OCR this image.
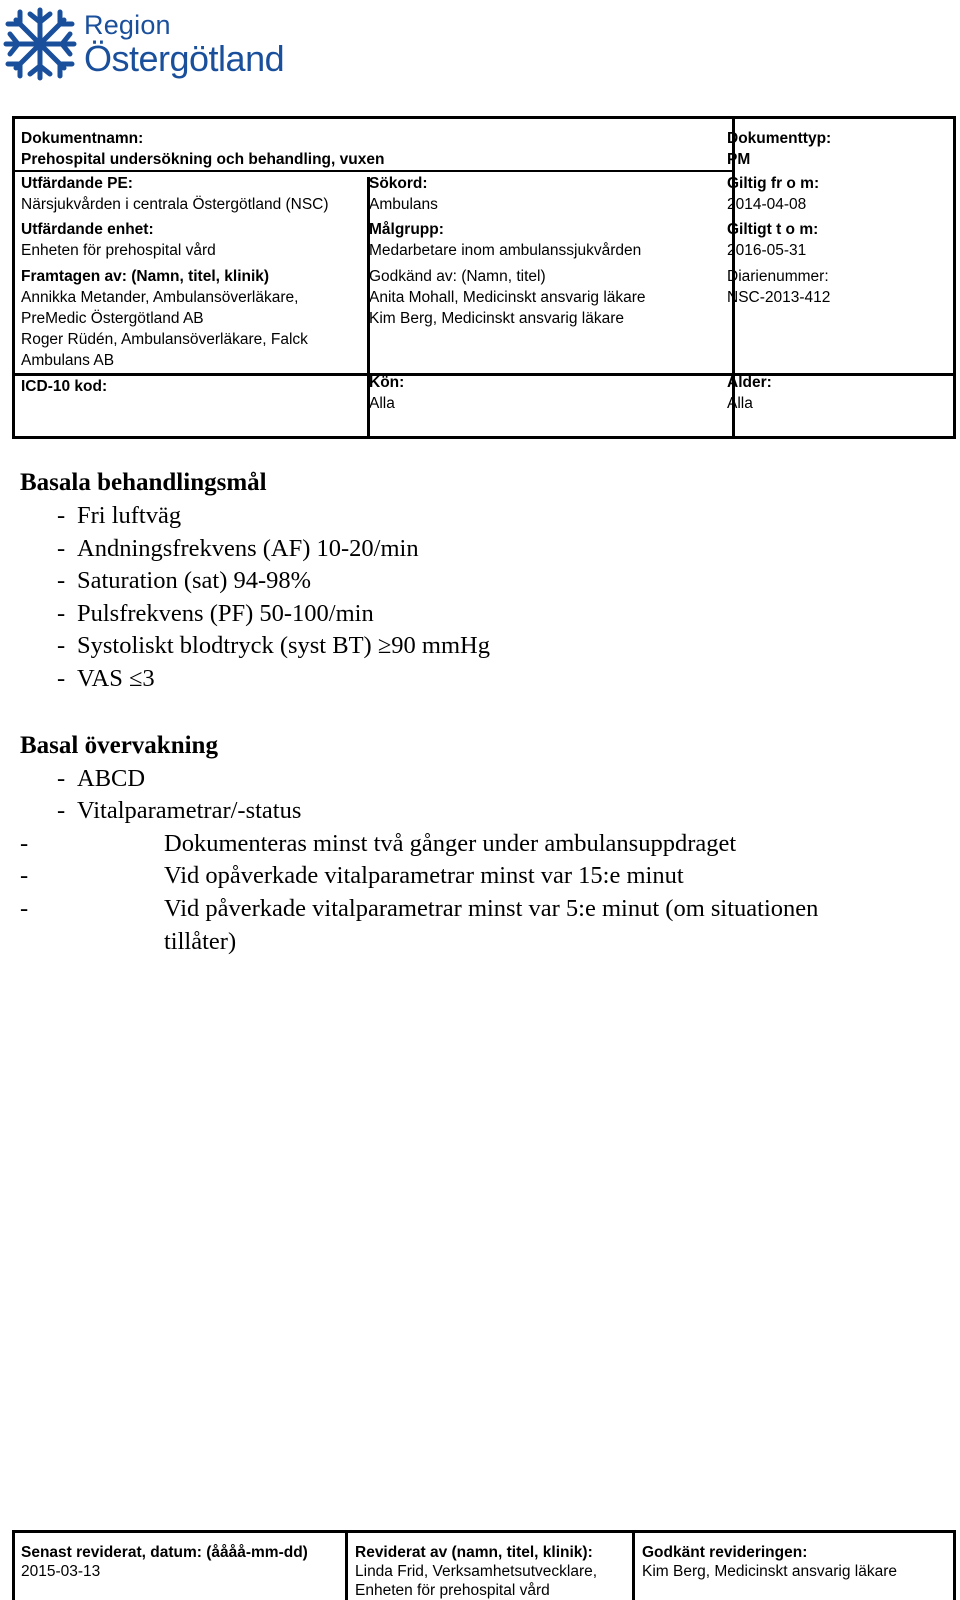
Region
Östergötland
Dokumentnamn:
Prehospital undersökning och behandling, vuxen
Dokumenttyp:
PM
Utfärdande PE:
Närsjukvården i centrala Östergötland (NSC)
Sökord:
Ambulans
Giltig fr o m:
2014-04-08
Utfärdande enhet:
Enheten för prehospital vård
Målgrupp:
Medarbetare inom ambulanssjukvården
Giltigt t o m:
2016-05-31
Framtagen av: (Namn, titel, klinik)
Annikka Metander, Ambulansöverläkare,
PreMedic Östergötland AB
Roger Rüdén, Ambulansöverläkare, Falck
Ambulans AB
Godkänd av: (Namn, titel)
Anita Mohall, Medicinskt ansvarig läkare
Kim Berg, Medicinskt ansvarig läkare
Diarienummer:
NSC-2013-412
ICD-10 kod:	Kön:
Alla
Ålder:
Alla
Basala behandlingsmål
- Fri luftväg
- Andningsfrekvens (AF) 10-20/min
- Saturation (sat) 94-98%
- Pulsfrekvens (PF) 50-100/min
- Systoliskt blodtryck (syst BT) ≥90 mmHg
- VAS ≤3
Basal övervakning
- ABCD
- Vitalparametrar/-status
-	Dokumenteras minst två gånger under ambulansuppdraget
-	Vid opåverkade vitalparametrar minst var 15:e minut
-	Vid påverkade vitalparametrar minst var 5:e minut (om situationen
tillåter)
Senast reviderat, datum: (åååå-mm-dd)
2015-03-13
Reviderat av (namn, titel, klinik):
Linda Frid, Verksamhetsutvecklare,
Enheten för prehospital vård
Godkänt revideringen:
Kim Berg, Medicinskt ansvarig läkare
